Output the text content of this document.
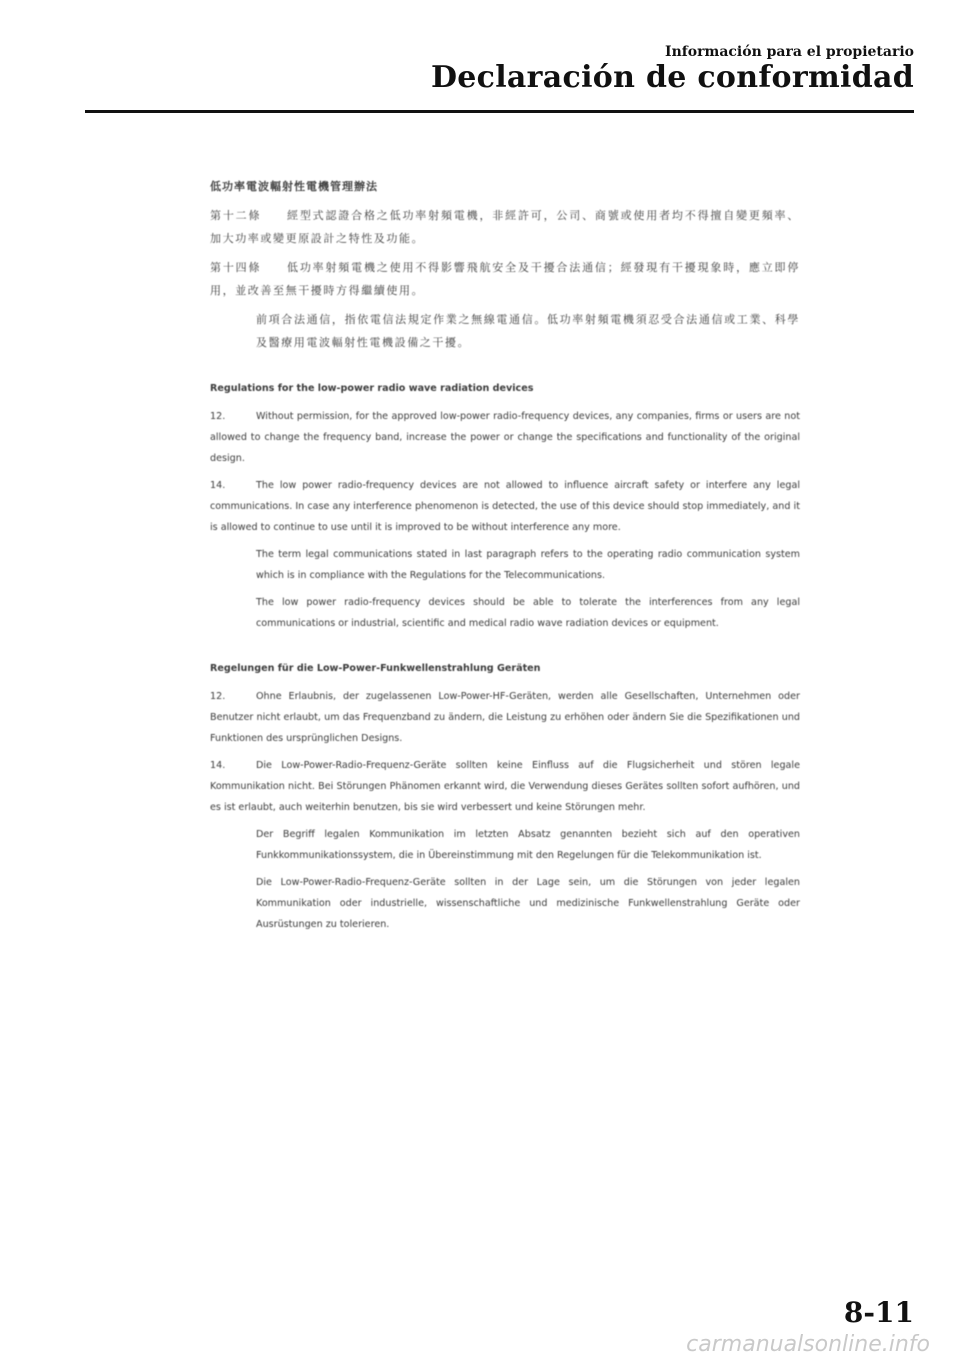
Información para el propietario
Declaración de conformidad
低功率電波輻射性電機管理辦法

第十二條　　經型式認證合格之低功率射頻電機，非經許可，公司、商號或使用者均不得擅自變更頻率、加大功率或變更原設計之特性及功能。

第十四條　　低功率射頻電機之使用不得影響飛航安全及干擾合法通信；經發現有干擾現象時，應立即停用，並改善至無干擾時方得繼續使用。

前項合法通信，指依電信法規定作業之無線電通信。低功率射頻電機須忍受合法通信或工業、科學及醫療用電波輻射性電機設備之干擾。

Regulations for the low-power radio wave radiation devices

12.	Without permission, for the approved low-power radio-frequency devices, any companies, firms or users are not allowed to change the frequency band, increase the power or change the specifications and functionality of the original design.

14.	The low power radio-frequency devices are not allowed to influence aircraft safety or interfere any legal communications. In case any interference phenomenon is detected, the use of this device should stop immediately, and it is allowed to continue to use until it is improved to be without interference any more.

The term legal communications stated in last paragraph refers to the operating radio communication system which is in compliance with the Regulations for the Telecommunications.

The low power radio-frequency devices should be able to tolerate the interferences from any legal communications or industrial, scientific and medical radio wave radiation devices or equipment.

Regelungen für die Low-Power-Funkwellenstrahlung Geräten

12.	Ohne Erlaubnis, der zugelassenen Low-Power-HF-Geräten, werden alle Gesellschaften, Unternehmen oder Benutzer nicht erlaubt, um das Frequenzband zu ändern, die Leistung zu erhöhen oder ändern Sie die Spezifikationen und Funktionen des ursprünglichen Designs.

14.	Die Low-Power-Radio-Frequenz-Geräte sollten keine Einfluss auf die Flugsicherheit und stören legale Kommunikation nicht. Bei Störungen Phänomen erkannt wird, die Verwendung dieses Gerätes sollten sofort aufhören, und es ist erlaubt, auch weiterhin benutzen, bis sie wird verbessert und keine Störungen mehr.

Der Begriff legalen Kommunikation im letzten Absatz genannten bezieht sich auf den operativen Funkkommunikationssystem, die in Übereinstimmung mit den Regelungen für die Telekommunikation ist.

Die Low-Power-Radio-Frequenz-Geräte sollten in der Lage sein, um die Störungen von jeder legalen Kommunikation oder industrielle, wissenschaftliche und medizinische Funkwellenstrahlung Geräte oder Ausrüstungen zu tolerieren.

8-11
carmanualsonline.info
